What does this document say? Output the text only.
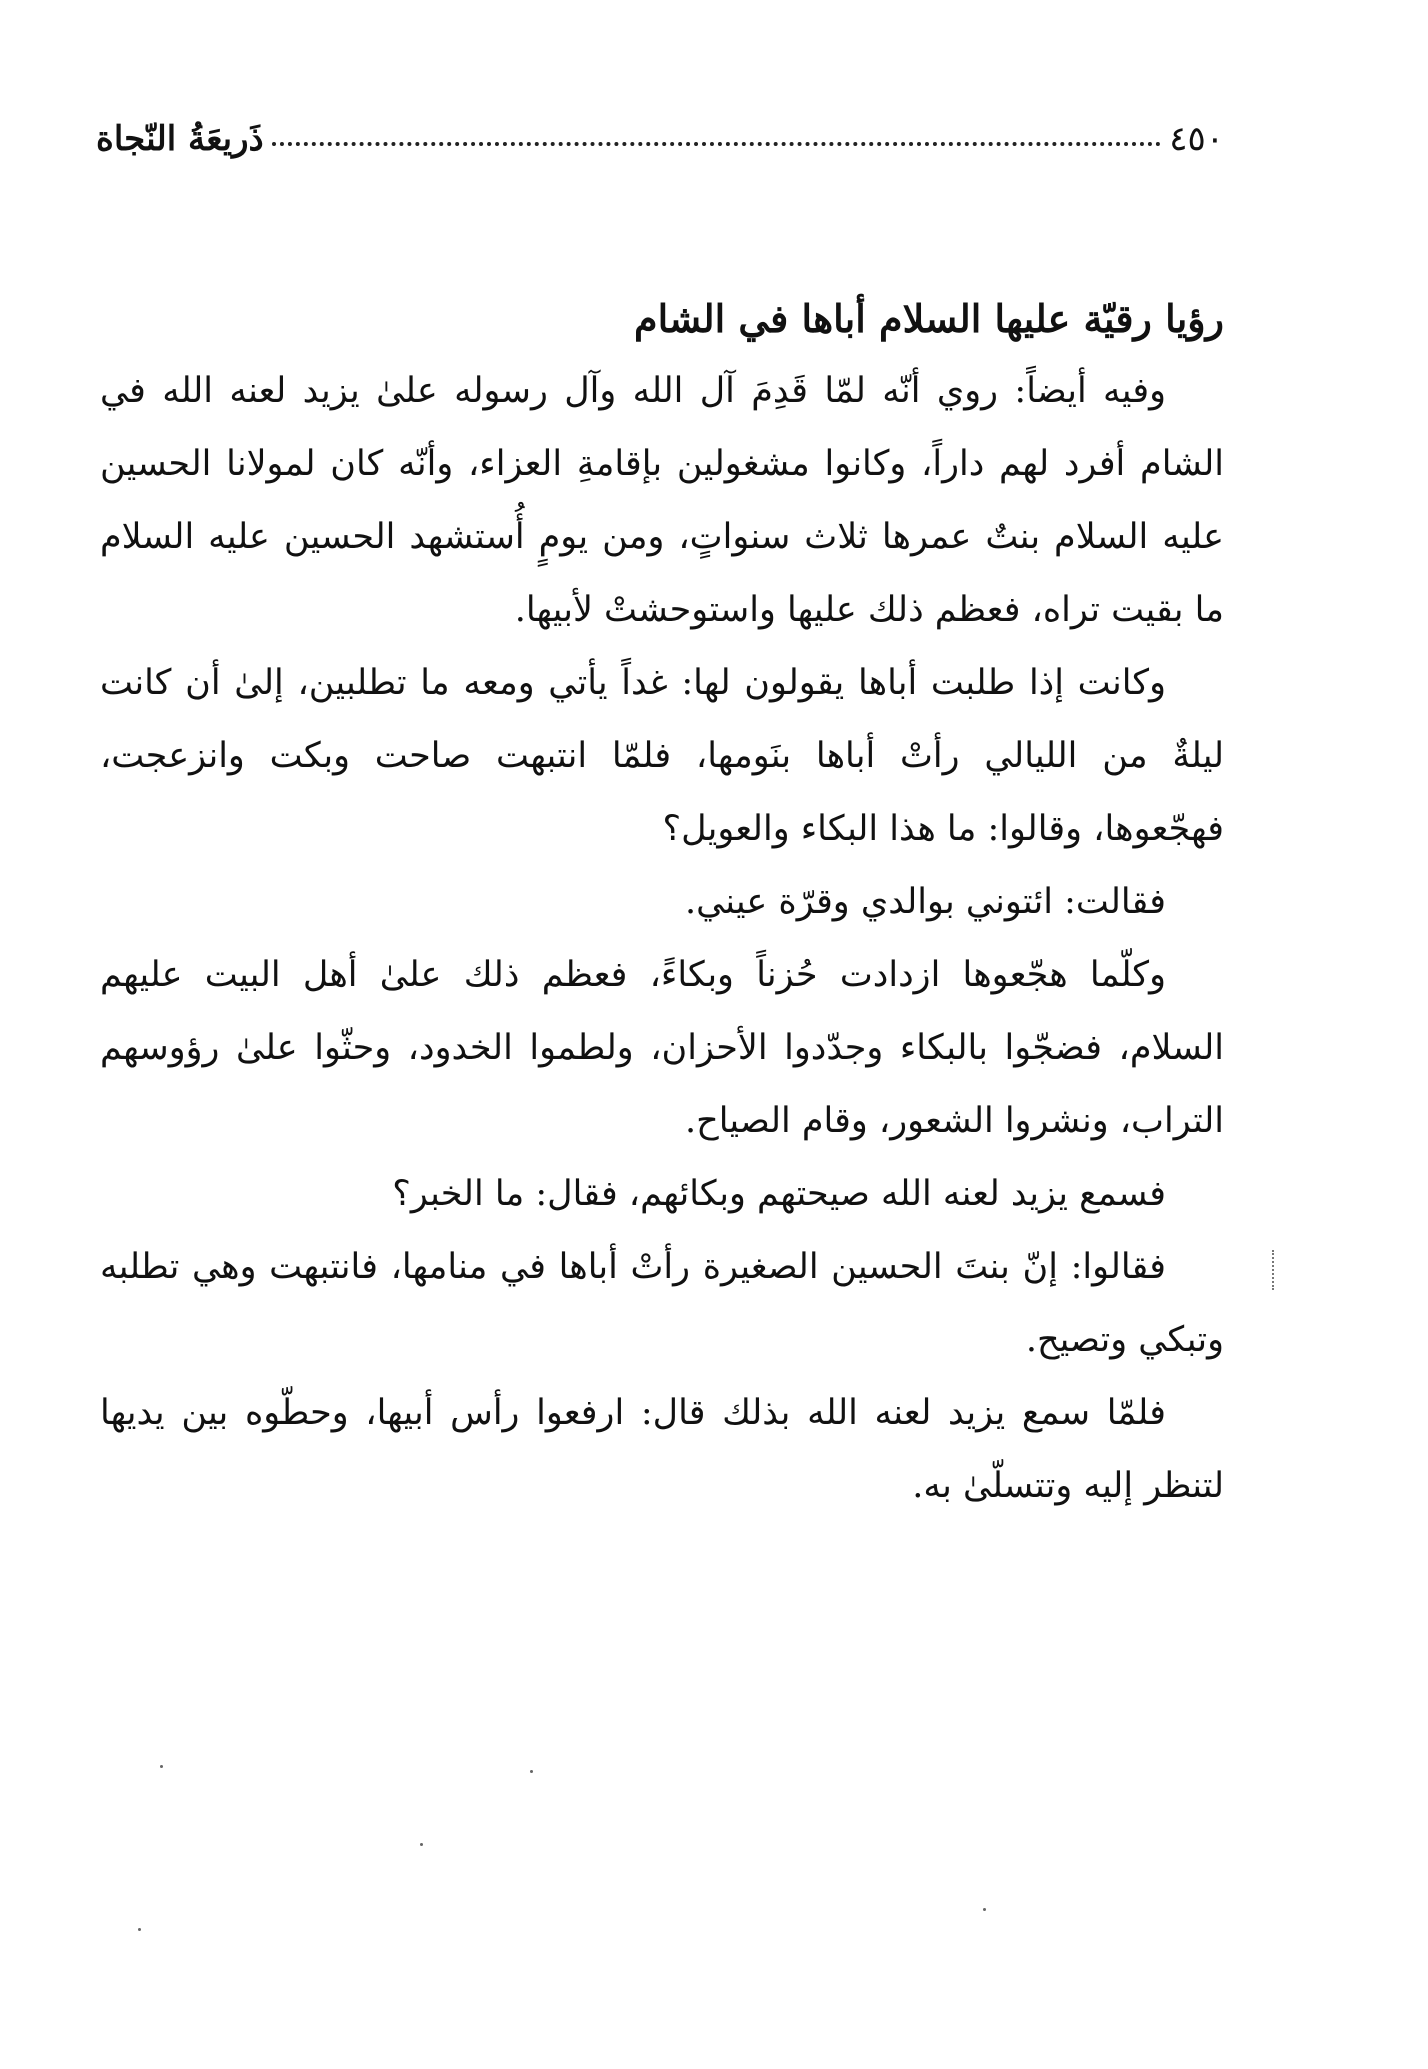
٤٥٠
ذَريعَةُ النّجاة
رؤيا رقيّة عليها السلام أباها في الشام

وفيه أيضاً: روي أنّه لمّا قَدِمَ آل الله وآل رسوله علىٰ يزيد لعنه الله في الشام أفرد لهم داراً، وكانوا مشغولين بإقامةِ العزاء، وأنّه كان لمولانا الحسين عليه السلام بنتٌ عمرها ثلاث سنواتٍ، ومن يومٍ أُستشهد الحسين عليه السلام ما بقيت تراه، فعظم ذلك عليها واستوحشتْ لأبيها.

وكانت إذا طلبت أباها يقولون لها: غداً يأتي ومعه ما تطلبين، إلىٰ أن كانت ليلةٌ من الليالي رأتْ أباها بنَومها، فلمّا انتبهت صاحت وبكت وانزعجت، فهجّعوها، وقالوا: ما هذا البكاء والعويل؟

فقالت: ائتوني بوالدي وقرّة عيني.

وكلّما هجّعوها ازدادت حُزناً وبكاءً، فعظم ذلك علىٰ أهل البيت عليهم السلام، فضجّوا بالبكاء وجدّدوا الأحزان، ولطموا الخدود، وحثّوا علىٰ رؤوسهم التراب، ونشروا الشعور، وقام الصياح.

فسمع يزيد لعنه الله صيحتهم وبكائهم، فقال: ما الخبر؟

فقالوا: إنّ بنتَ الحسين الصغيرة رأتْ أباها في منامها، فانتبهت وهي تطلبه وتبكي وتصيح.

فلمّا سمع يزيد لعنه الله بذلك قال: ارفعوا رأس أبيها، وحطّوه بين يديها لتنظر إليه وتتسلّىٰ به.
